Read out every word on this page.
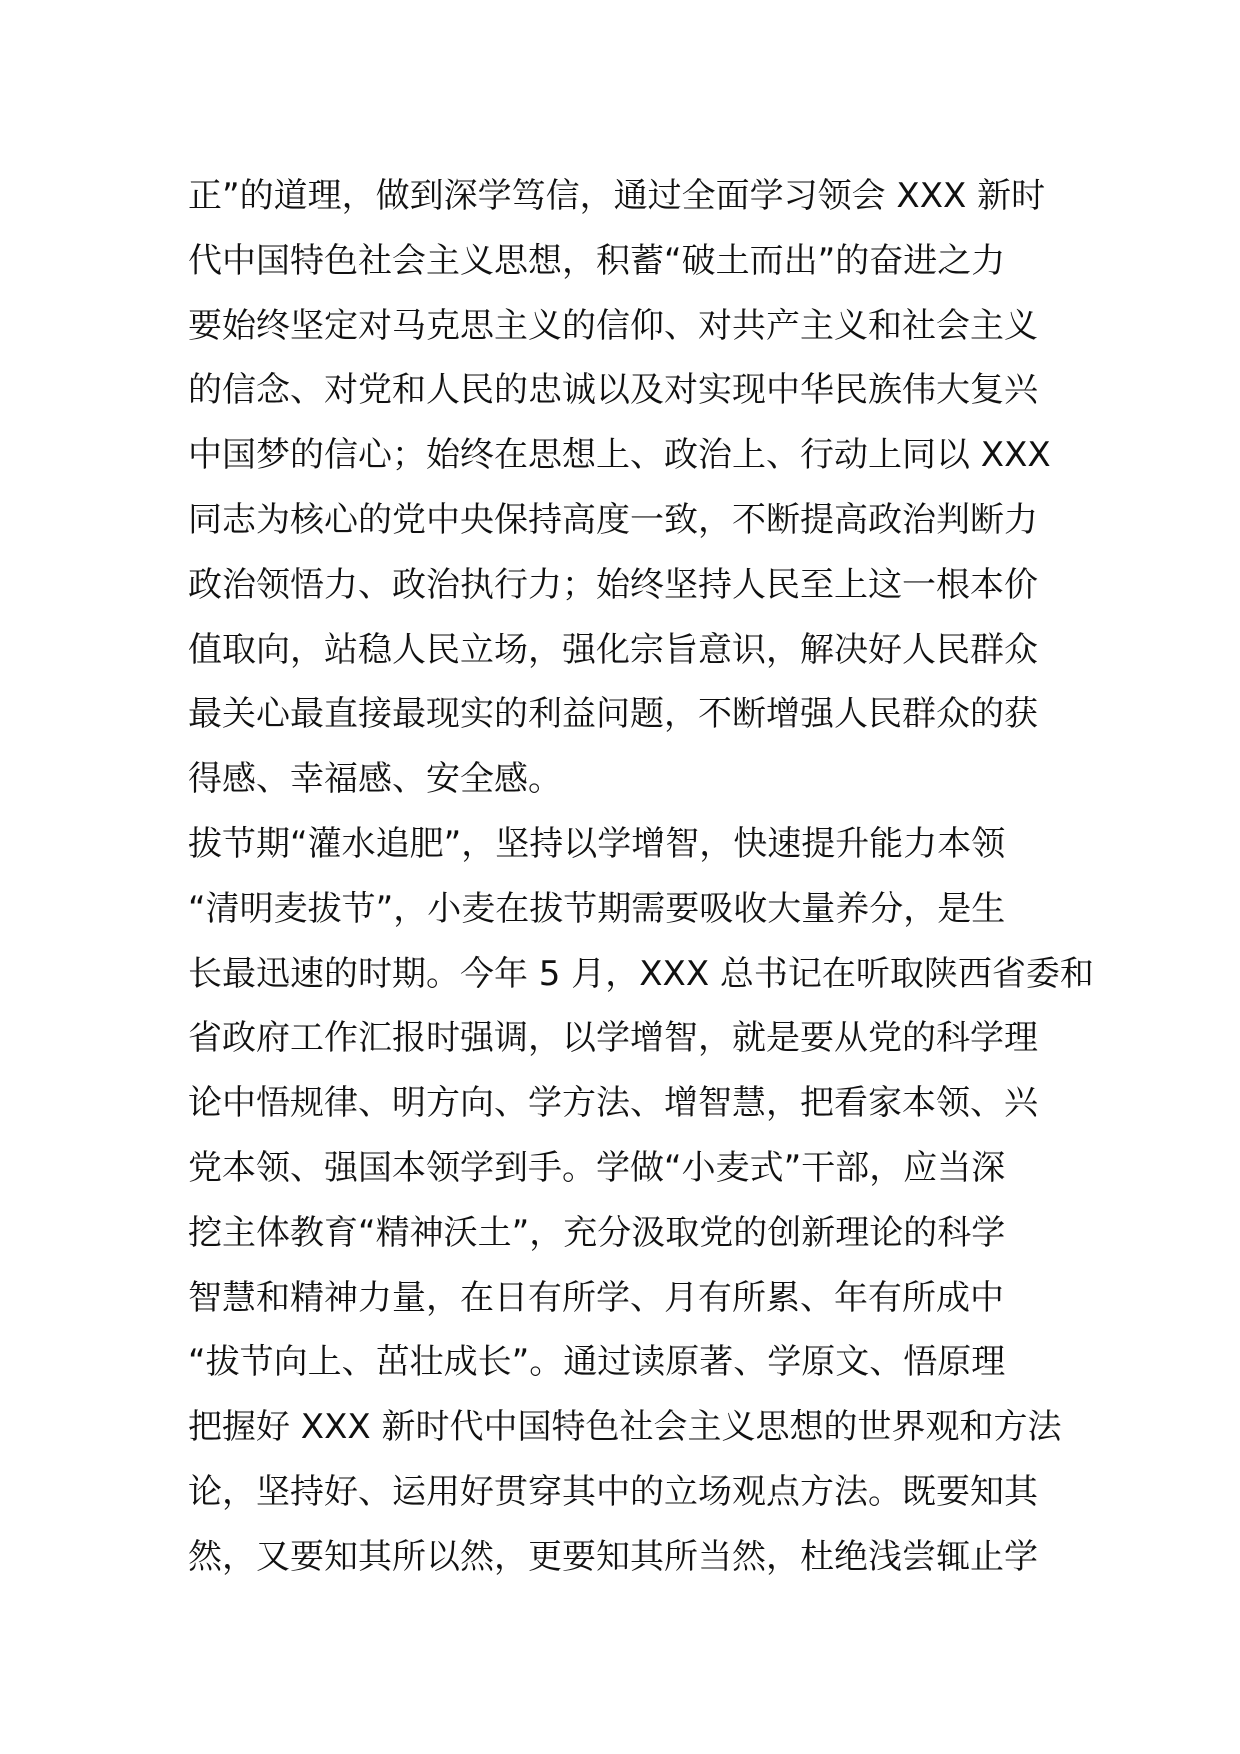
正”的道理，做到深学笃信，通过全面学习领会 XXX 新时
代中国特色社会主义思想，积蓄“破土而出”的奋进之力
要始终坚定对马克思主义的信仰、对共产主义和社会主义
的信念、对党和人民的忠诚以及对实现中华民族伟大复兴
中国梦的信心；始终在思想上、政治上、行动上同以 XXX
同志为核心的党中央保持高度一致，不断提高政治判断力
政治领悟力、政治执行力；始终坚持人民至上这一根本价
值取向，站稳人民立场，强化宗旨意识，解决好人民群众
最关心最直接最现实的利益问题，不断增强人民群众的获
得感、幸福感、安全感。
拔节期“灌水追肥”，坚持以学增智，快速提升能力本领
“清明麦拔节”，小麦在拔节期需要吸收大量养分，是生
长最迅速的时期。今年 5 月，XXX 总书记在听取陕西省委和
省政府工作汇报时强调，以学增智，就是要从党的科学理
论中悟规律、明方向、学方法、增智慧，把看家本领、兴
党本领、强国本领学到手。学做“小麦式”干部，应当深
挖主体教育“精神沃土”，充分汲取党的创新理论的科学
智慧和精神力量，在日有所学、月有所累、年有所成中
“拔节向上、茁壮成长”。通过读原著、学原文、悟原理
把握好 XXX 新时代中国特色社会主义思想的世界观和方法
论，坚持好、运用好贯穿其中的立场观点方法。既要知其
然，又要知其所以然，更要知其所当然，杜绝浅尝辄止学
